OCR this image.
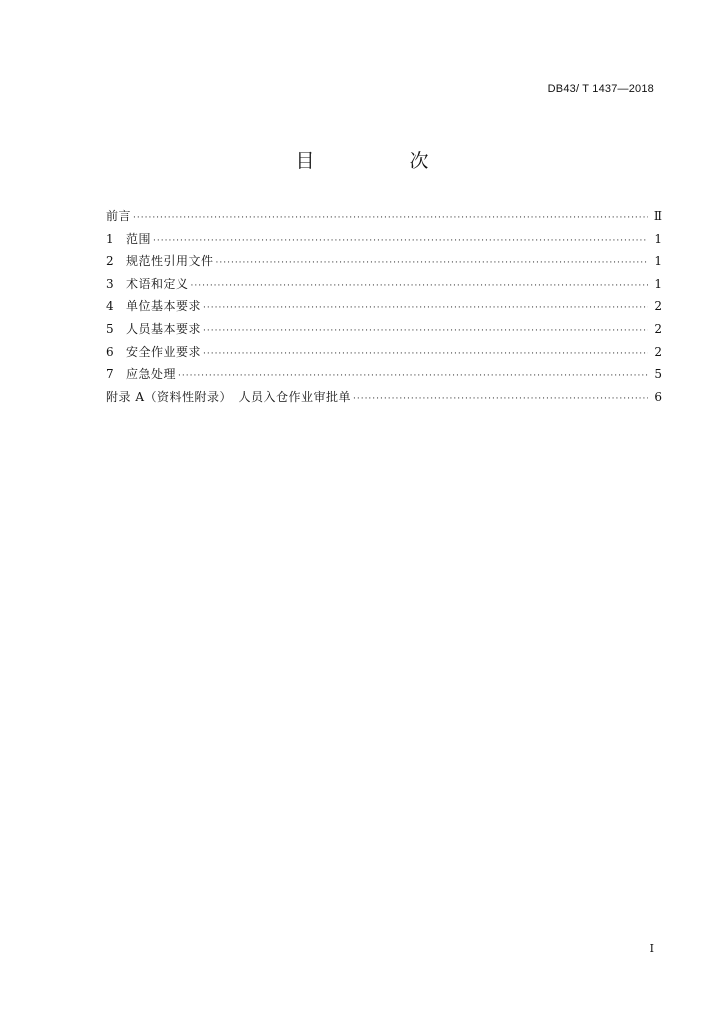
DB43/ T 1437—2018
目　次
前言 ·····	Ⅱ
1	范围 ·····	1
2	规范性引用文件 ·····	1
3	术语和定义 ·····	1
4	单位基本要求 ·····	2
5	人员基本要求 ·····	2
6	安全作业要求 ·····	2
7	应急处理 ·····	5
附录 A（资料性附录）　人员入仓作业审批单 ·····	6
I
